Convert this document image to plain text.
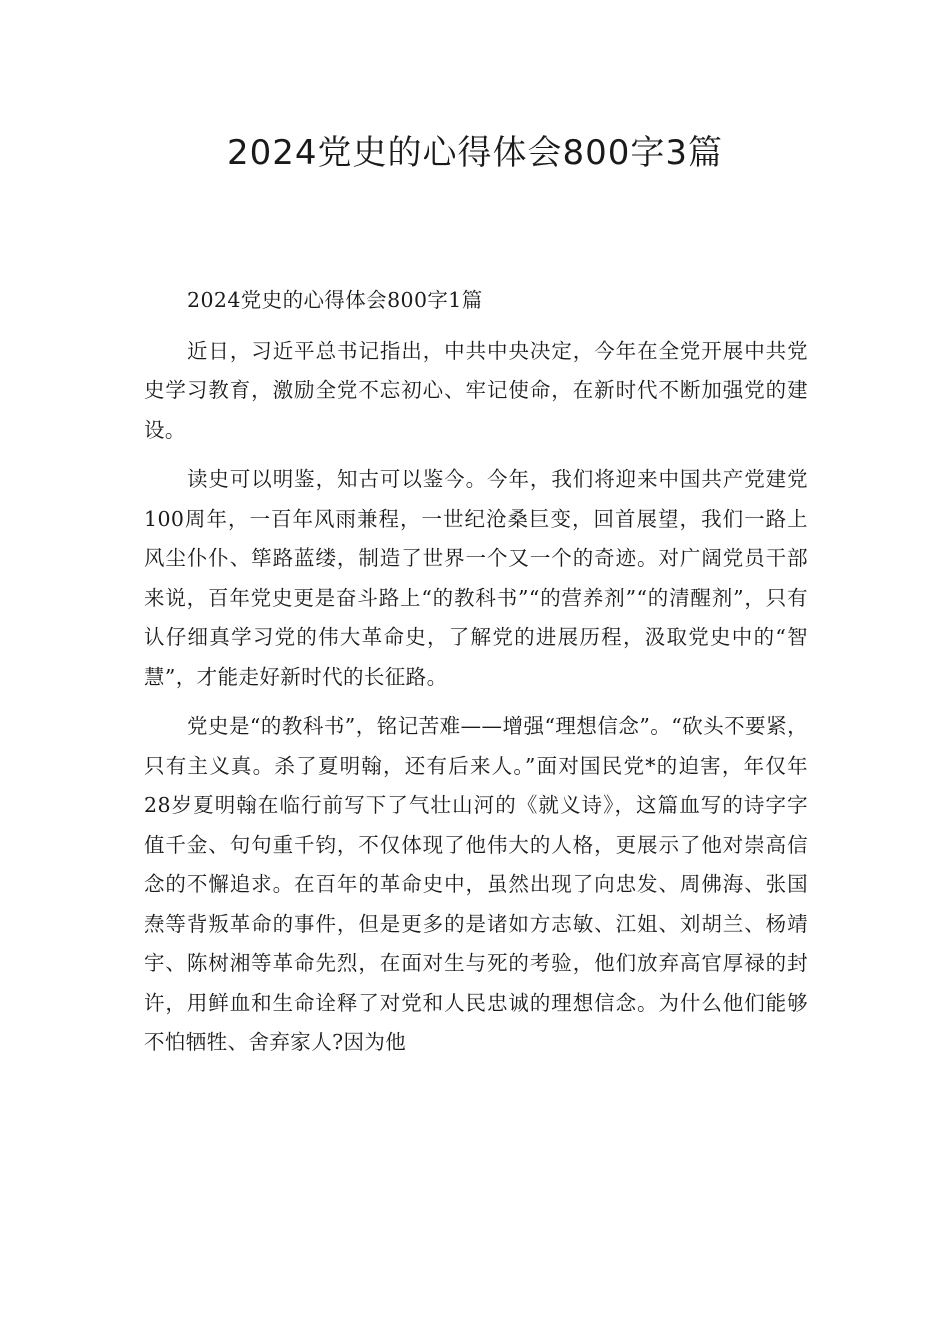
2024党史的心得体会800字3篇

2024党史的心得体会800字1篇

近日，习近平总书记指出，中共中央决定，今年在全党开展中共党史学习教育，激励全党不忘初心、牢记使命，在新时代不断加强党的建设。

读史可以明鉴，知古可以鉴今。今年，我们将迎来中国共产党建党100周年，一百年风雨兼程，一世纪沧桑巨变，回首展望，我们一路上风尘仆仆、筚路蓝缕，制造了世界一个又一个的奇迹。对广阔党员干部来说，百年党史更是奋斗路上“的教科书”“的营养剂”“的清醒剂”，只有认仔细真学习党的伟大革命史，了解党的进展历程，汲取党史中的“智慧”，才能走好新时代的长征路。

党史是“的教科书”，铭记苦难——增强“理想信念”。“砍头不要紧，只有主义真。杀了夏明翰，还有后来人。”面对国民党*的迫害，年仅年28岁夏明翰在临行前写下了气壮山河的《就义诗》，这篇血写的诗字字值千金、句句重千钧，不仅体现了他伟大的人格，更展示了他对崇高信念的不懈追求。在百年的革命史中，虽然出现了向忠发、周佛海、张国焘等背叛革命的事件，但是更多的是诸如方志敏、江姐、刘胡兰、杨靖宇、陈树湘等革命先烈，在面对生与死的考验，他们放弃高官厚禄的封许，用鲜血和生命诠释了对党和人民忠诚的理想信念。为什么他们能够不怕牺牲、舍弃家人?因为他
